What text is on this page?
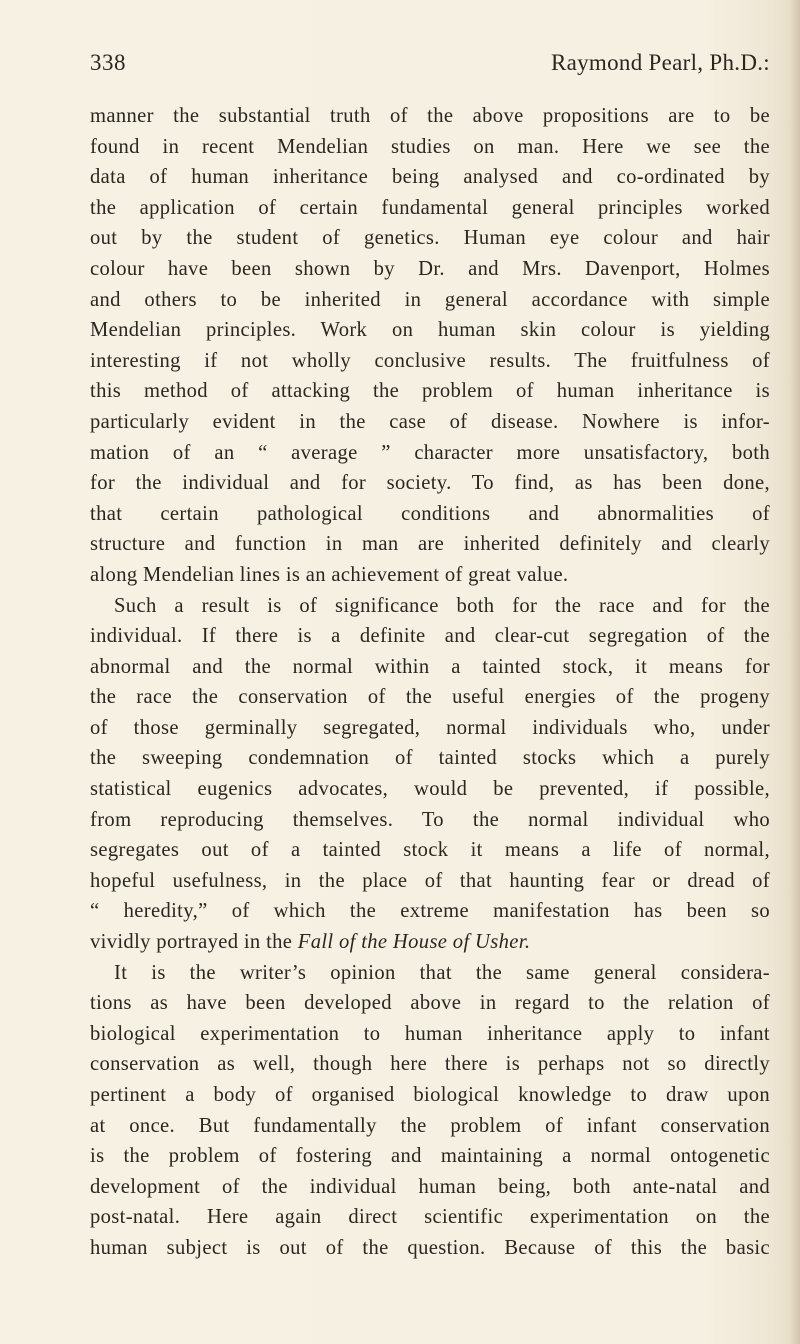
338	Raymond Pearl, Ph.D.:
manner the substantial truth of the above propositions are to be
found in recent Mendelian studies on man. Here we see the
data of human inheritance being analysed and co-ordinated by
the application of certain fundamental general principles worked
out by the student of genetics. Human eye colour and hair
colour have been shown by Dr. and Mrs. Davenport, Holmes
and others to be inherited in general accordance with simple
Mendelian principles. Work on human skin colour is yielding
interesting if not wholly conclusive results. The fruitfulness of
this method of attacking the problem of human inheritance is
particularly evident in the case of disease. Nowhere is infor-
mation of an “ average ” character more unsatisfactory, both
for the individual and for society. To find, as has been done,
that certain pathological conditions and abnormalities of
structure and function in man are inherited definitely and clearly
along Mendelian lines is an achievement of great value.
Such a result is of significance both for the race and for the
individual. If there is a definite and clear-cut segregation of the
abnormal and the normal within a tainted stock, it means for
the race the conservation of the useful energies of the progeny
of those germinally segregated, normal individuals who, under
the sweeping condemnation of tainted stocks which a purely
statistical eugenics advocates, would be prevented, if possible,
from reproducing themselves. To the normal individual who
segregates out of a tainted stock it means a life of normal,
hopeful usefulness, in the place of that haunting fear or dread of
“ heredity,” of which the extreme manifestation has been so
vividly portrayed in the Fall of the House of Usher.
It is the writer’s opinion that the same general considera-
tions as have been developed above in regard to the relation of
biological experimentation to human inheritance apply to infant
conservation as well, though here there is perhaps not so directly
pertinent a body of organised biological knowledge to draw upon
at once. But fundamentally the problem of infant conservation
is the problem of fostering and maintaining a normal ontogenetic
development of the individual human being, both ante-natal and
post-natal. Here again direct scientific experimentation on the
human subject is out of the question. Because of this the basic
